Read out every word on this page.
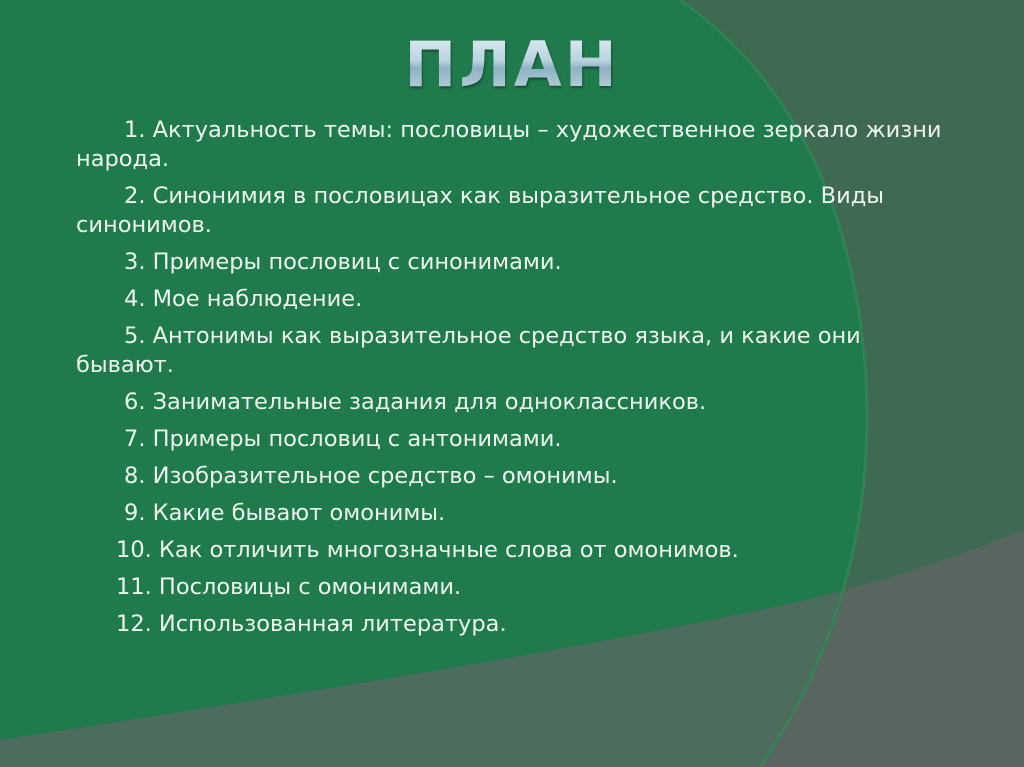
ПЛАН
1. Актуальность темы: пословицы – художественное зеркало жизни народа.
2. Синонимия в пословицах как выразительное средство. Виды синонимов.
3. Примеры пословиц с синонимами.
4. Мое наблюдение.
5. Антонимы как выразительное средство языка, и какие они бывают.
6. Занимательные задания для одноклассников.
7. Примеры пословиц с антонимами.
8. Изобразительное средство – омонимы.
9. Какие бывают омонимы.
10. Как отличить многозначные слова от омонимов.
11. Пословицы с омонимами.
12. Использованная литература.
